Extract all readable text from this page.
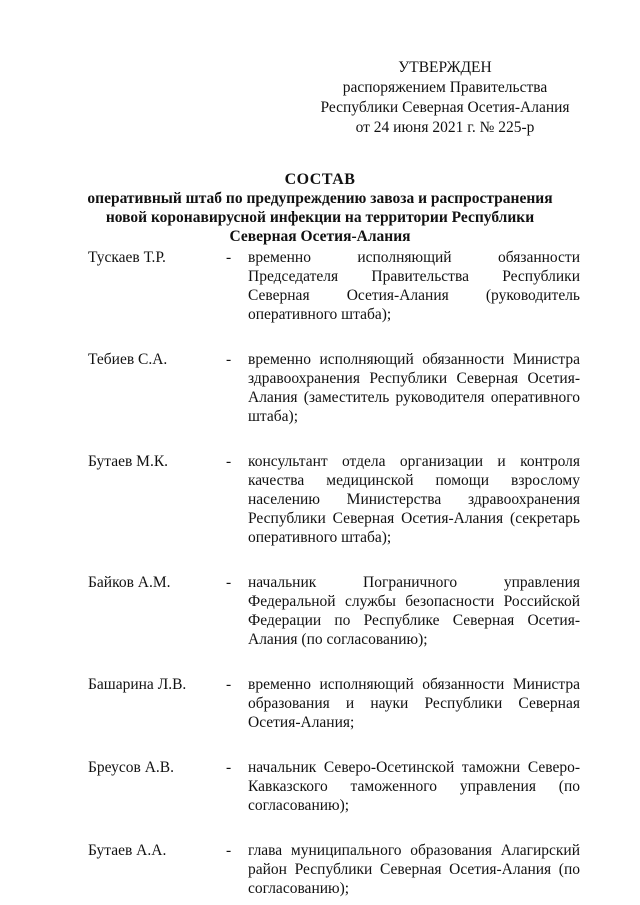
УТВЕРЖДЕН
распоряжением Правительства
Республики Северная Осетия-Алания
от 24 июня 2021 г. № 225-р
СОСТАВ
оперативный штаб по предупреждению завоза и распространения новой коронавирусной инфекции на территории Республики Северная Осетия-Алания
Тускаев Т.Р.	-	временно исполняющий обязанности Председателя Правительства Республики Северная Осетия-Алания (руководитель оперативного штаба);
Тебиев С.А.	-	временно исполняющий обязанности Министра здравоохранения Республики Северная Осетия-Алания (заместитель руководителя оперативного штаба);
Бутаев М.К.	-	консультант отдела организации и контроля качества медицинской помощи взрослому населению Министерства здравоохранения Республики Северная Осетия-Алания (секретарь оперативного штаба);
Байков А.М.	-	начальник Пограничного управления Федеральной службы безопасности Российской Федерации по Республике Северная Осетия-Алания (по согласованию);
Башарина Л.В.	-	временно исполняющий обязанности Министра образования и науки Республики Северная Осетия-Алания;
Бреусов А.В.	-	начальник Северо-Осетинской таможни Северо-Кавказского таможенного управления (по согласованию);
Бутаев А.А.	-	глава муниципального образования Алагирский район Республики Северная Осетия-Алания (по согласованию);
